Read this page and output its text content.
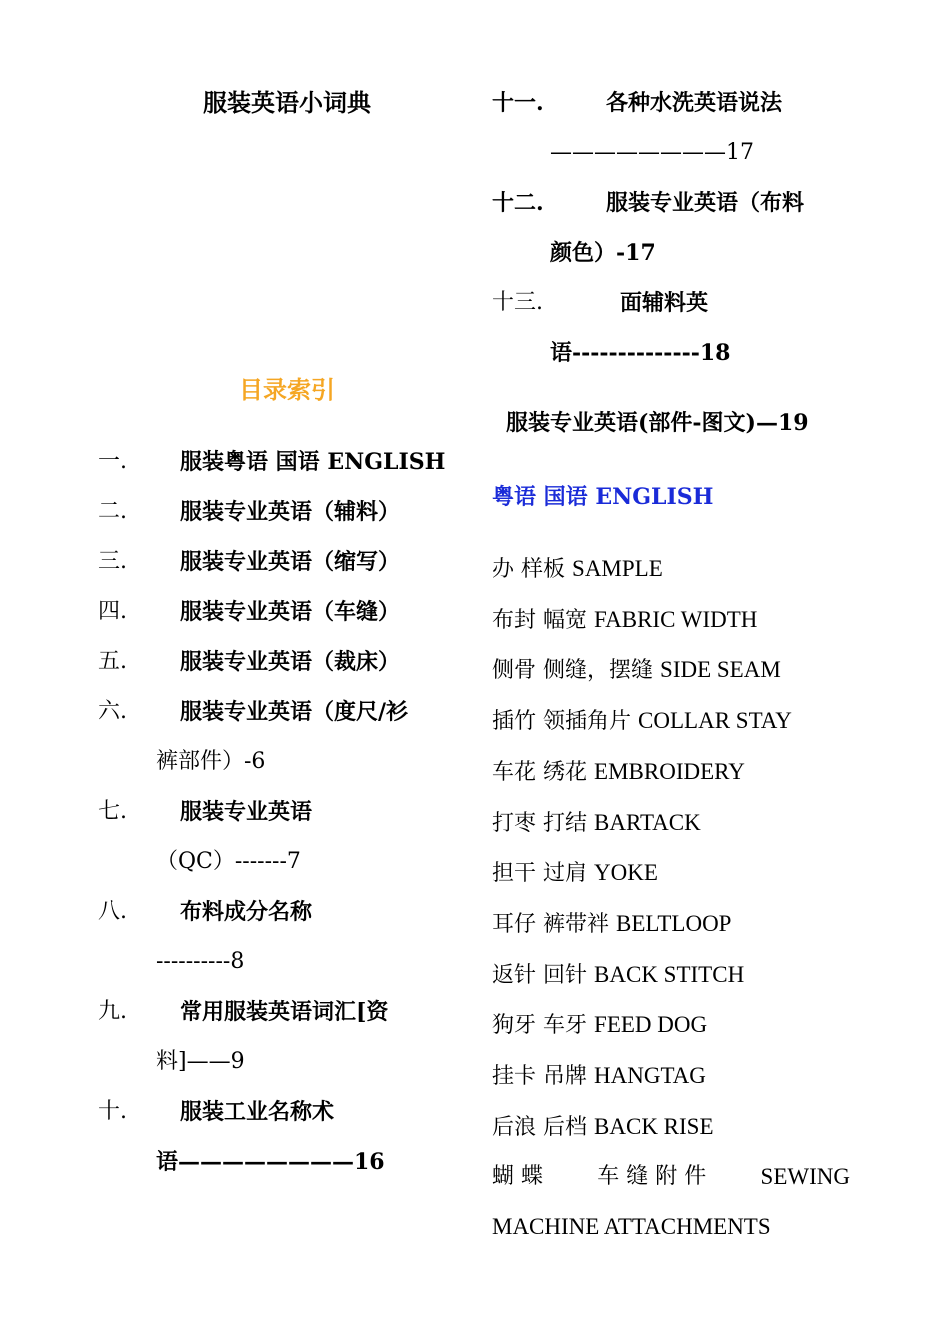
服装英语小词典
目录索引
一.	服装粤语 国语 ENGLISH
二.	服装专业英语（辅料）
三.	服装专业英语（缩写）
四.	服装专业英语（车缝）
五.	服装专业英语（裁床）
六.	服装专业英语（度尺/衫
裤部件）-6
七.	服装专业英语
（QC）-------7
八.	布料成分名称
----------8
九.	常用服装英语词汇[资
料]——9
十.	服装工业名称术
语————————16
十一.	各种水洗英语说法
————————17
十二.	服装专业英语（布料
颜色）-17
十三.	面辅料英
语--------------18
服装专业英语(部件-图文)—19
粤语 国语 ENGLISH
办 样板 SAMPLE
布封 幅宽 FABRIC WIDTH
侧骨 侧缝，摆缝 SIDE SEAM
插竹 领插角片 COLLAR STAY
车花 绣花 EMBROIDERY
打枣 打结 BARTACK
担干 过肩 YOKE
耳仔 裤带袢 BELTLOOP
返针 回针 BACK STITCH
狗牙 车牙 FEED DOG
挂卡 吊牌 HANGTAG
后浪 后档 BACK RISE
蝴 蝶 车 缝 附 件 SEWING
MACHINE ATTACHMENTS
